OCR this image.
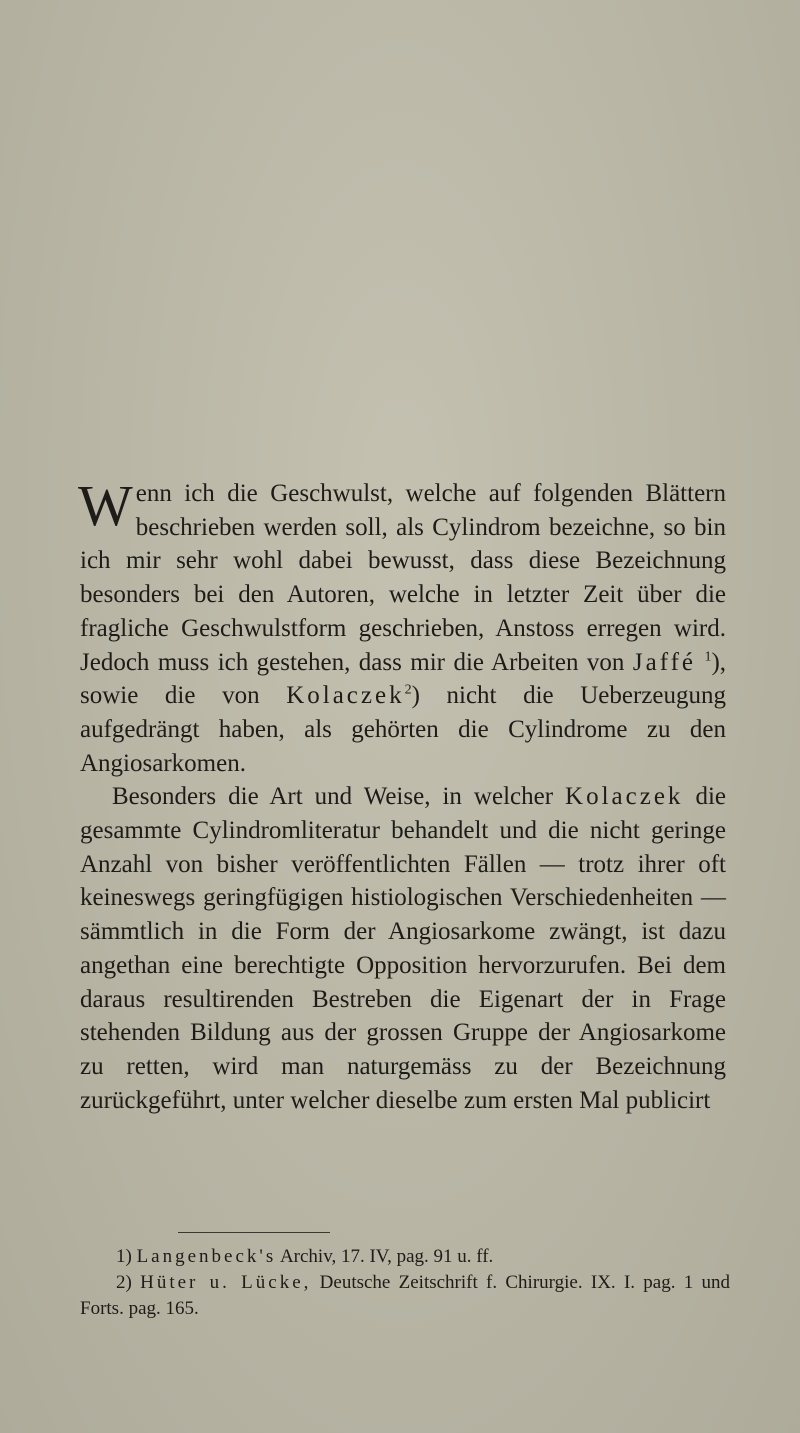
Wenn ich die Geschwulst, welche auf folgenden Blättern beschrieben werden soll, als Cylindrom bezeichne, so bin ich mir sehr wohl dabei bewusst, dass diese Bezeichnung besonders bei den Autoren, welche in letzter Zeit über die fragliche Geschwulstform geschrieben, Anstoss erregen wird. Jedoch muss ich gestehen, dass mir die Arbeiten von Jaffé $^1$), sowie die von Kolaczek$^2$) nicht die Ueberzeugung aufgedrängt haben, als gehörten die Cylindrome zu den Angiosarkomen.

Besonders die Art und Weise, in welcher Kolaczek die gesammte Cylindromliteratur behandelt und die nicht geringe Anzahl von bisher veröffentlichten Fällen — trotz ihrer oft keineswegs geringfügigen histiologischen Verschiedenheiten — sämmtlich in die Form der Angiosarkome zwängt, ist dazu angethan eine berechtigte Opposition hervorzurufen. Bei dem daraus resultirenden Bestreben die Eigenart der in Frage stehenden Bildung aus der grossen Gruppe der Angiosarkome zu retten, wird man naturgemäss zu der Bezeichnung zurückgeführt, unter welcher dieselbe zum ersten Mal publicirt

1) Langenbeck's Archiv, 17. IV, pag. 91 u. ff.

2) Hüter u. Lücke, Deutsche Zeitschrift f. Chirurgie. IX. I. pag. 1 und Forts. pag. 165.
